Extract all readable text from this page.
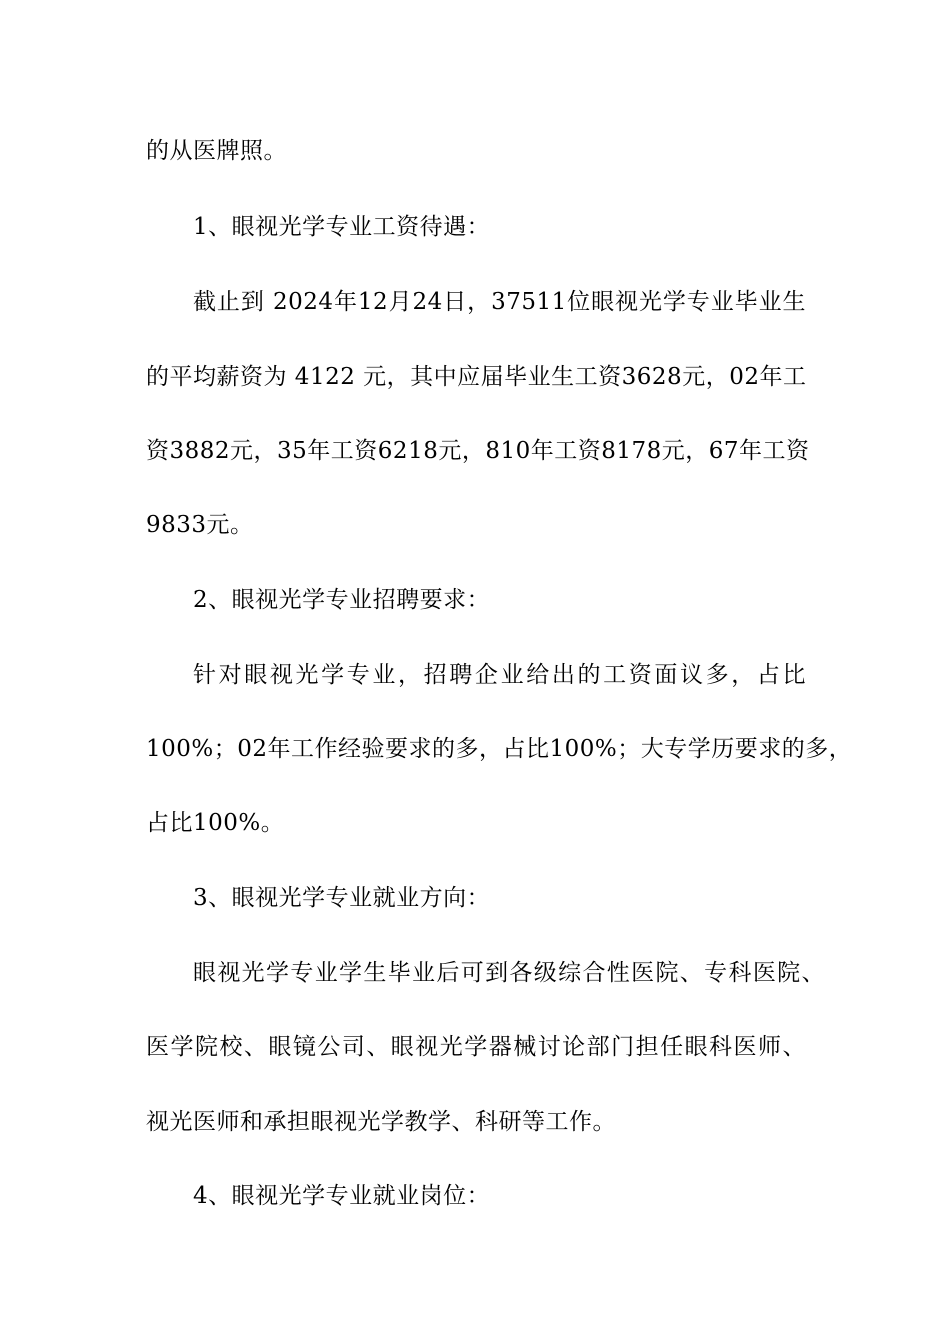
的从医牌照。
1、眼视光学专业工资待遇：
截止到 2024年12月24日，37511位眼视光学专业毕业生
的平均薪资为 4122 元，其中应届毕业生工资3628元，02年工
资3882元，35年工资6218元，810年工资8178元，67年工资
9833元。
2、眼视光学专业招聘要求：
针对眼视光学专业，招聘企业给出的工资面议多，占比
100%；02年工作经验要求的多，占比100%；大专学历要求的多，
占比100%。
3、眼视光学专业就业方向：
眼视光学专业学生毕业后可到各级综合性医院、专科医院、
医学院校、眼镜公司、眼视光学器械讨论部门担任眼科医师、
视光医师和承担眼视光学教学、科研等工作。
4、眼视光学专业就业岗位：
